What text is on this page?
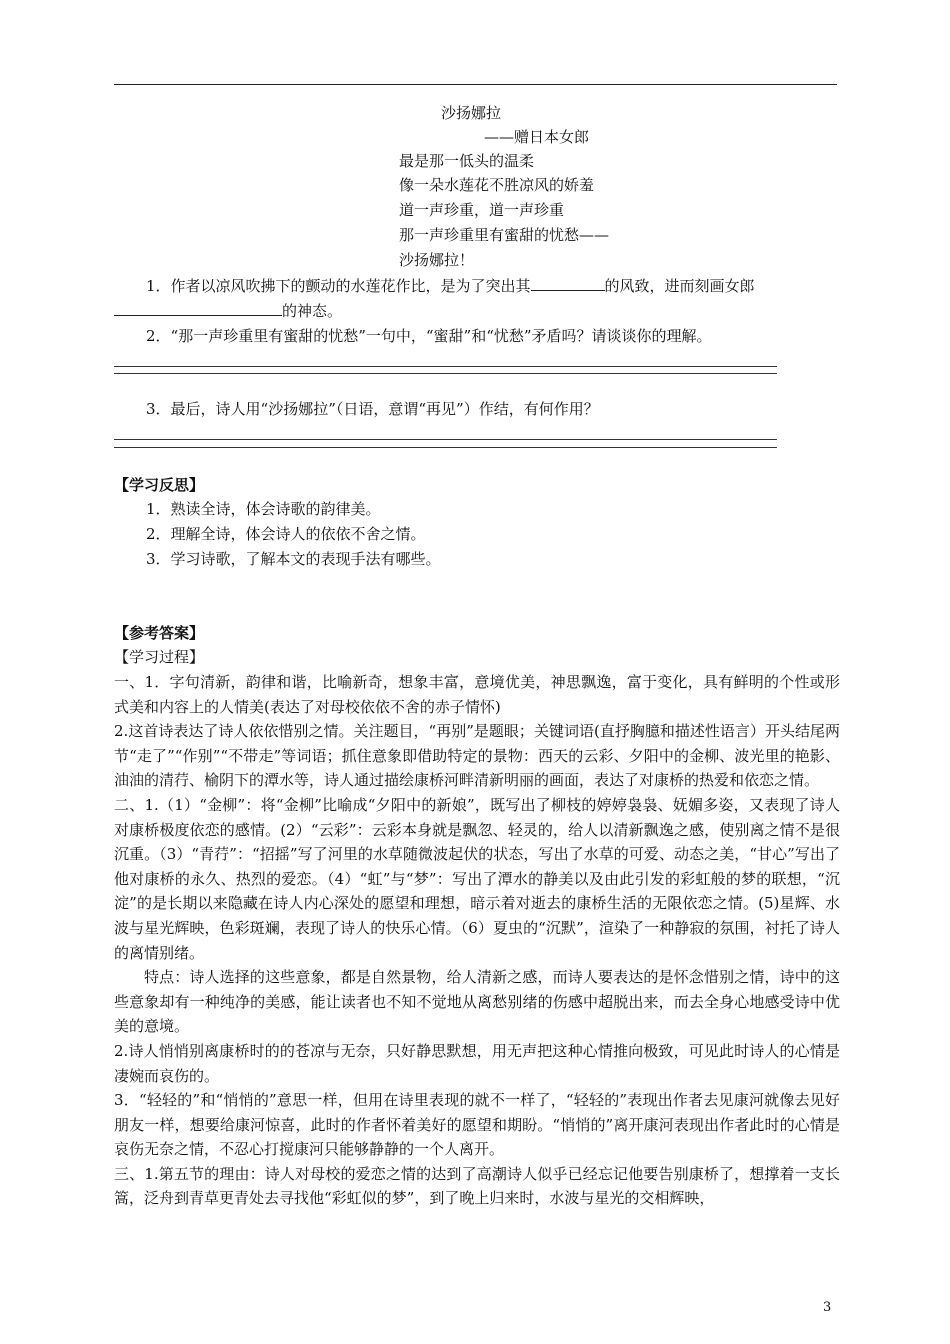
沙扬娜拉
——赠日本女郎
最是那一低头的温柔
像一朵水莲花不胜凉风的娇羞
道一声珍重，道一声珍重
那一声珍重里有蜜甜的忧愁——
沙扬娜拉！
1．作者以凉风吹拂下的颤动的水莲花作比，是为了突出其	的风致，进而刻画女郎
的神态。
2．“那一声珍重里有蜜甜的忧愁”一句中，“蜜甜”和“忧愁”矛盾吗？请谈谈你的理解。
3．最后，诗人用“沙扬娜拉”（日语，意谓“再见”）作结，有何作用？
【学习反思】
1．熟读全诗，体会诗歌的韵律美。
2．理解全诗，体会诗人的依依不舍之情。
3．学习诗歌，了解本文的表现手法有哪些。
【参考答案】
【学习过程】

一、1．字句清新，韵律和谐，比喻新奇，想象丰富，意境优美，神思飘逸，富于变化，具有鲜明的个性或形式美和内容上的人情美(表达了对母校依依不舍的赤子情怀)

2.这首诗表达了诗人依依惜别之情。关注题目，“再别”是题眼；关键词语(直抒胸臆和描述性语言）开头结尾两节“走了”“作别”“不带走”等词语；抓住意象即借助特定的景物：西天的云彩、夕阳中的金柳、波光里的艳影、油油的清荇、榆阴下的潭水等，诗人通过描绘康桥河畔清新明丽的画面，表达了对康桥的热爱和依恋之情。

二、1.（1）“金柳”：将“金柳”比喻成“夕阳中的新娘”，既写出了柳枝的婷婷袅袅、妩媚多姿，又表现了诗人对康桥极度依恋的感情。(2）“云彩”：云彩本身就是飘忽、轻灵的，给人以清新飘逸之感，使别离之情不是很沉重。（3）“青荇”：“招摇”写了河里的水草随微波起伏的状态，写出了水草的可爱、动态之美，“甘心”写出了他对康桥的永久、热烈的爱恋。（4）“虹”与“梦”：写出了潭水的静美以及由此引发的彩虹般的梦的联想，“沉淀”的是长期以来隐藏在诗人内心深处的愿望和理想，暗示着对逝去的康桥生活的无限依恋之情。(5)星辉、水波与星光辉映，色彩斑斓，表现了诗人的快乐心情。（6）夏虫的“沉默”，渲染了一种静寂的氛围，衬托了诗人的离情别绪。

特点：诗人选择的这些意象，都是自然景物，给人清新之感，而诗人要表达的是怀念惜别之情，诗中的这些意象却有一种纯净的美感，能让读者也不知不觉地从离愁别绪的伤感中超脱出来，而去全身心地感受诗中优美的意境。

2.诗人悄悄别离康桥时的的苍凉与无奈，只好静思默想，用无声把这种心情推向极致，可见此时诗人的心情是凄婉而哀伤的。

3．“轻轻的”和“悄悄的”意思一样，但用在诗里表现的就不一样了，“轻轻的”表现出作者去见康河就像去见好朋友一样，想要给康河惊喜，此时的作者怀着美好的愿望和期盼。“悄悄的”离开康河表现出作者此时的心情是哀伤无奈之情，不忍心打搅康河只能够静静的一个人离开。

三、1.第五节的理由：诗人对母校的爱恋之情的达到了高潮诗人似乎已经忘记他要告别康桥了，想撑着一支长篙，泛舟到青草更青处去寻找他“彩虹似的梦”，到了晚上归来时，水波与星光的交相辉映，

3
